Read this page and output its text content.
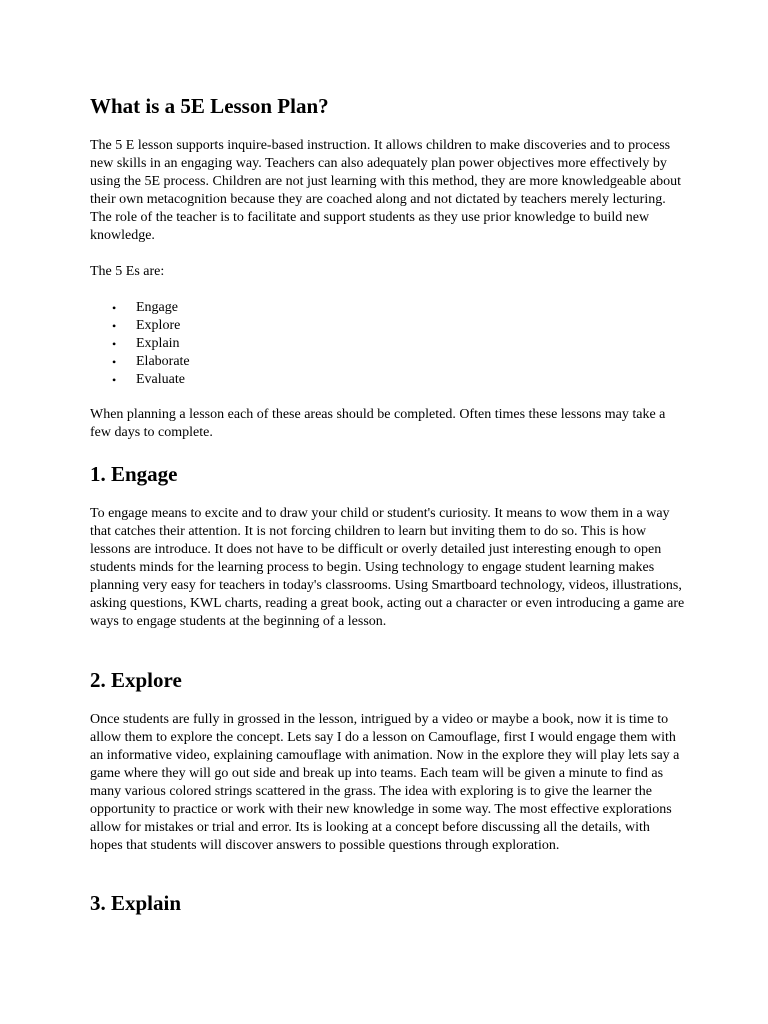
What is a 5E Lesson Plan?

The 5 E lesson supports inquire-based instruction. It allows children to make discoveries and to process new skills in an engaging way. Teachers can also adequately plan power objectives more effectively by using the 5E process. Children are not just learning with this method, they are more knowledgeable about their own metacognition because they are coached along and not dictated by teachers merely lecturing. The role of the teacher is to facilitate and support students as they use prior knowledge to build new knowledge.

The 5 Es are:

• Engage
• Explore
• Explain
• Elaborate
• Evaluate

When planning a lesson each of these areas should be completed. Often times these lessons may take a few days to complete.

1. Engage

To engage means to excite and to draw your child or student's curiosity. It means to wow them in a way that catches their attention. It is not forcing children to learn but inviting them to do so. This is how lessons are introduce. It does not have to be difficult or overly detailed just interesting enough to open students minds for the learning process to begin. Using technology to engage student learning makes planning very easy for teachers in today's classrooms. Using Smartboard technology, videos, illustrations, asking questions, KWL charts, reading a great book, acting out a character or even introducing a game are ways to engage students at the beginning of a lesson.

2. Explore

Once students are fully in grossed in the lesson, intrigued by a video or maybe a book, now it is time to allow them to explore the concept. Lets say I do a lesson on Camouflage, first I would engage them with an informative video, explaining camouflage with animation. Now in the explore they will play lets say a game where they will go out side and break up into teams. Each team will be given a minute to find as many various colored strings scattered in the grass. The idea with exploring is to give the learner the opportunity to practice or work with their new knowledge in some way. The most effective explorations allow for mistakes or trial and error. Its is looking at a concept before discussing all the details, with hopes that students will discover answers to possible questions through exploration.

3. Explain
